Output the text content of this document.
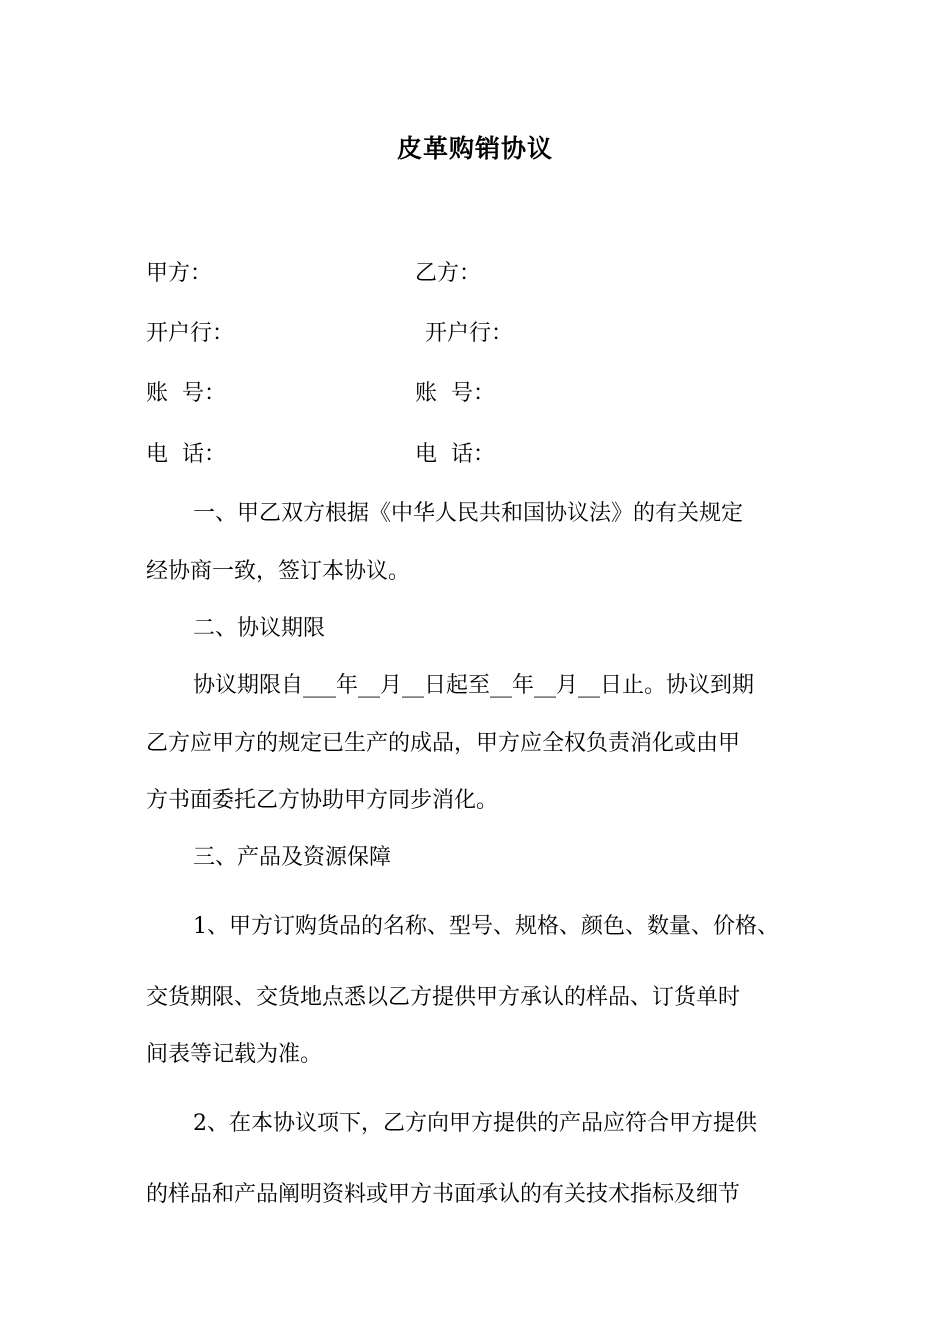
皮革购销协议
甲方：	乙方：
开户行：	开户行：
账  号：	账  号：
电  话：	电  话：
一、甲乙双方根据《中华人民共和国协议法》的有关规定
经协商一致，签订本协议。
二、协议期限
协议期限自___年__月__日起至__年__月__日止。协议到期
乙方应甲方的规定已生产的成品，甲方应全权负责消化或由甲
方书面委托乙方协助甲方同步消化。
三、产品及资源保障
1、甲方订购货品的名称、型号、规格、颜色、数量、价格、
交货期限、交货地点悉以乙方提供甲方承认的样品、订货单时
间表等记载为准。
2、在本协议项下，乙方向甲方提供的产品应符合甲方提供
的样品和产品阐明资料或甲方书面承认的有关技术指标及细节
